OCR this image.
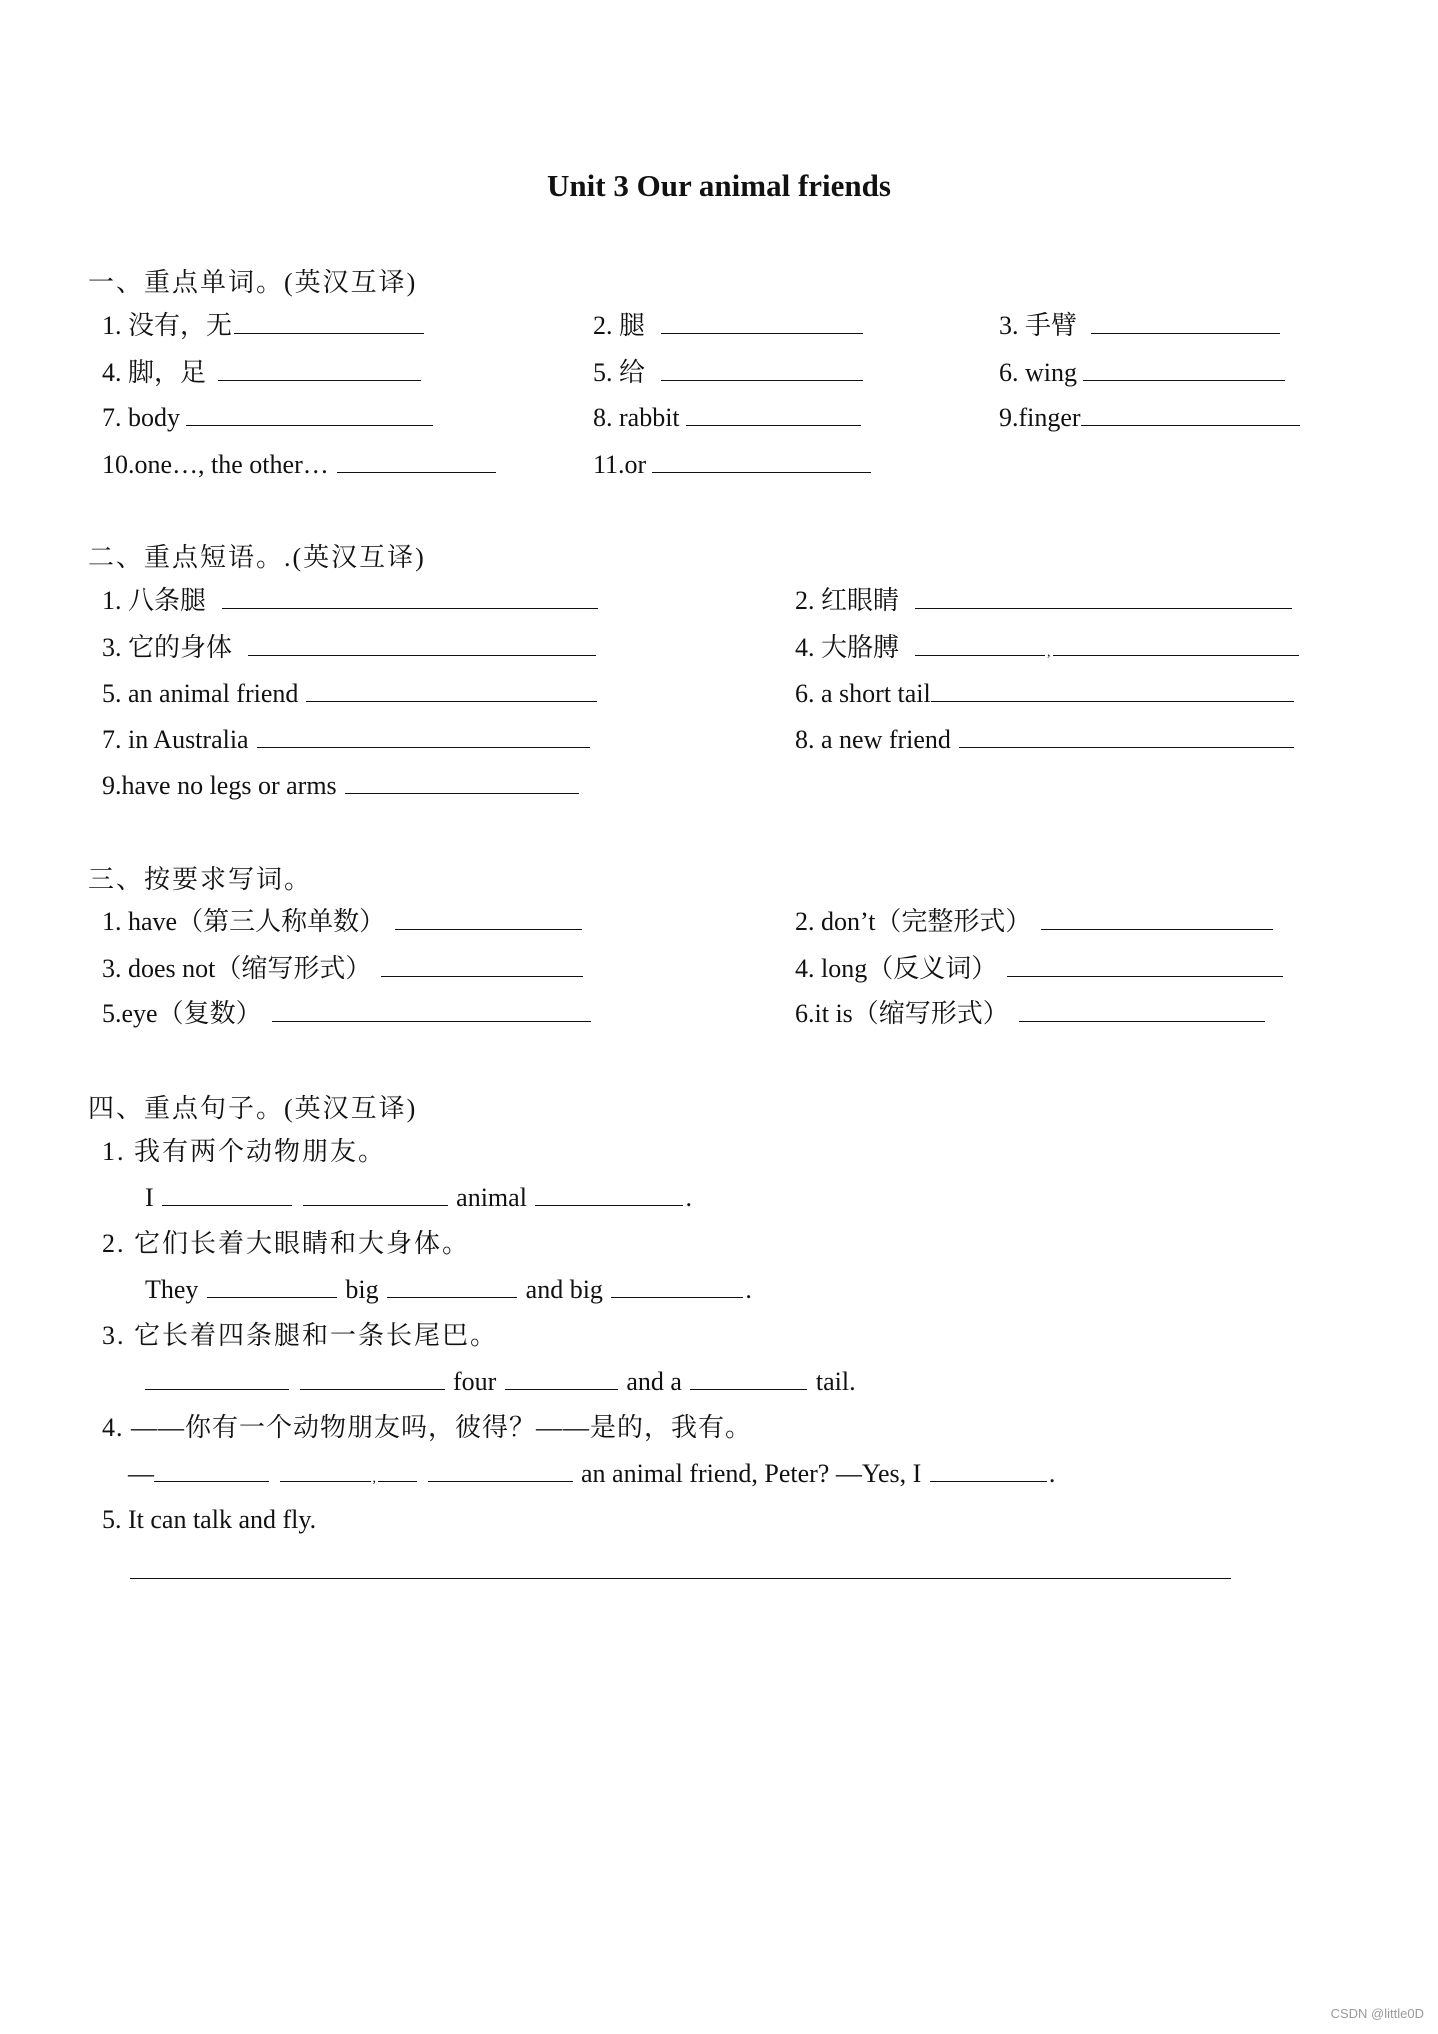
Unit 3 Our animal friends
一、重点单词。(英汉互译)
1. 没有，无	2. 腿	3. 手臂
4. 脚，足	5. 给	6. wing
7. body	8. rabbit	9.finger
10.one…, the other…	11.or
二、重点短语。.(英汉互译)
1. 八条腿	2. 红眼睛
3. 它的身体	4. 大胳膊	,
5. an animal friend	6. a short tail
7. in Australia	8. a new friend
9.have no legs or arms
三、按要求写词。
1. have（第三人称单数）	2. don’t（完整形式）
3. does not（缩写形式）	4. long（反义词）
5.eye（复数）	6.it is（缩写形式）
四、重点句子。(英汉互译)
1. 我有两个动物朋友。
I	animal	.
2. 它们长着大眼睛和大身体。
They	big	and big	.
3. 它长着四条腿和一条长尾巴。
four	and a	tail.
4. ——你有一个动物朋友吗，彼得？——是的，我有。
—	,	an animal friend, Peter? —Yes, I	.
5. It can talk and fly.
CSDN @little0D
